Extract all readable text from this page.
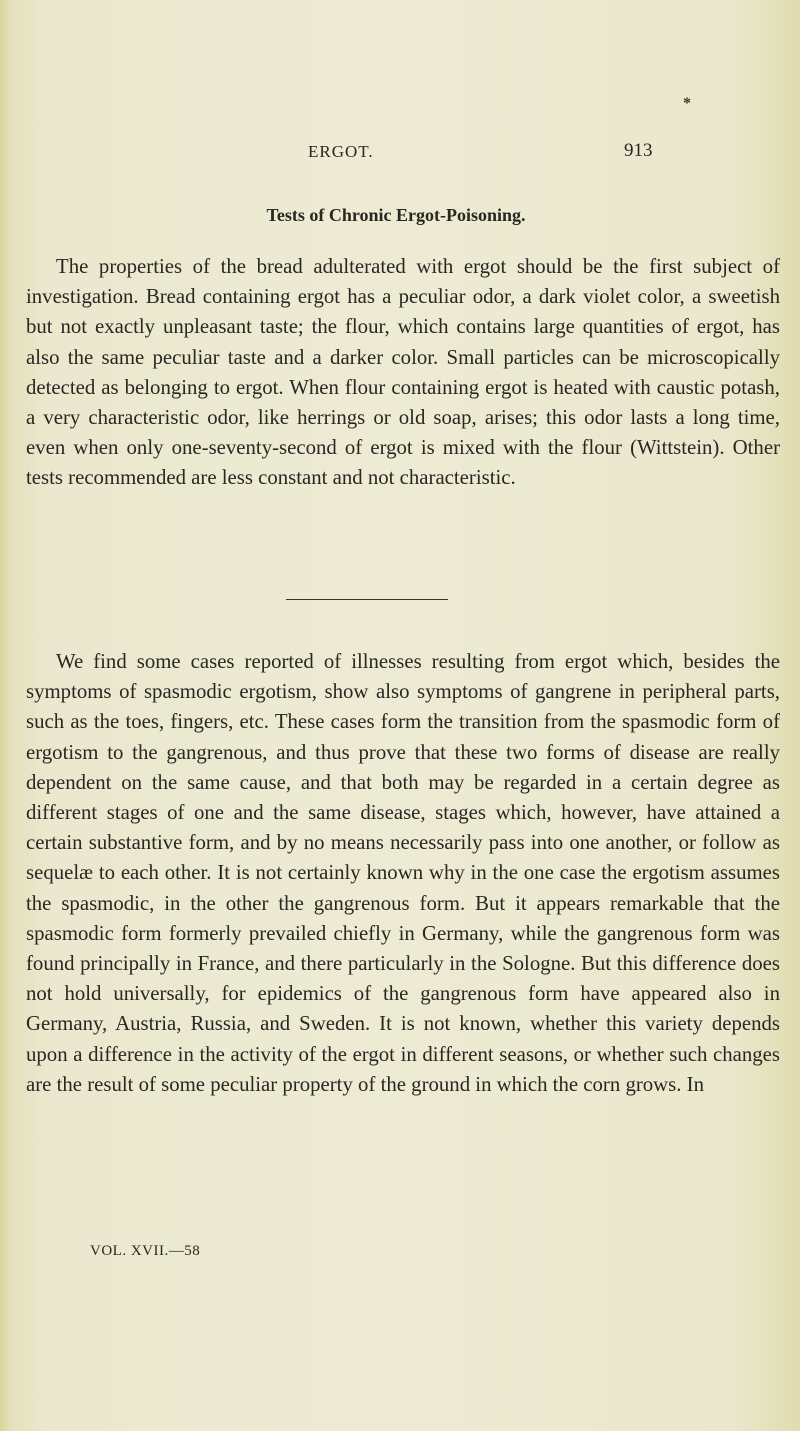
*
ERGOT.	913
Tests of Chronic Ergot-Poisoning.

The properties of the bread adulterated with ergot should be the first subject of investigation. Bread containing ergot has a peculiar odor, a dark violet color, a sweetish but not exactly unpleasant taste; the flour, which contains large quantities of ergot, has also the same peculiar taste and a darker color. Small particles can be microscopically detected as belonging to ergot. When flour containing ergot is heated with caustic potash, a very characteristic odor, like herrings or old soap, arises; this odor lasts a long time, even when only one-seventy-second of ergot is mixed with the flour (Wittstein). Other tests recommended are less constant and not characteristic.

We find some cases reported of illnesses resulting from ergot which, besides the symptoms of spasmodic ergotism, show also symptoms of gangrene in peripheral parts, such as the toes, fingers, etc. These cases form the transition from the spasmodic form of ergotism to the gangrenous, and thus prove that these two forms of disease are really dependent on the same cause, and that both may be regarded in a certain degree as different stages of one and the same disease, stages which, however, have attained a certain substantive form, and by no means necessarily pass into one another, or follow as sequelæ to each other. It is not certainly known why in the one case the ergotism assumes the spasmodic, in the other the gangrenous form. But it appears remarkable that the spasmodic form formerly prevailed chiefly in Germany, while the gangrenous form was found principally in France, and there particularly in the Sologne. But this difference does not hold universally, for epidemics of the gangrenous form have appeared also in Germany, Austria, Russia, and Sweden. It is not known, whether this variety depends upon a difference in the activity of the ergot in different seasons, or whether such changes are the result of some peculiar property of the ground in which the corn grows. In

VOL. XVII.—58
